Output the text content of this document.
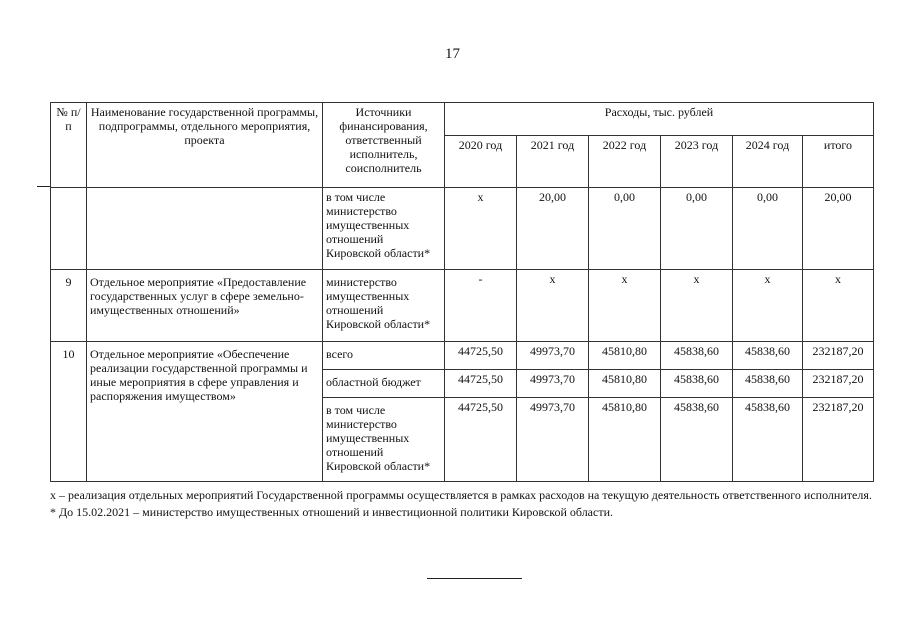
17
№ п/п	Наименование государственной программы, подпрограммы, отдельного мероприятия, проекта	Источники финансирования, ответственный исполнитель, соисполнитель	Расходы, тыс. рублей					
			2020 год	2021 год	2022 год	2023 год	2024 год	итого
		в том числе министерство имущественных отношений Кировской области*	x	20,00	0,00	0,00	0,00	20,00
9	Отдельное мероприятие «Предоставление государственных услуг в сфере земельно-имущественных отношений»	министерство имущественных отношений Кировской области*	-	x	x	x	x	x
10	Отдельное мероприятие «Обеспечение реализации государственной программы и иные мероприятия в сфере управления и распоряжения имуществом»	всего	44725,50	49973,70	45810,80	45838,60	45838,60	232187,20
		областной бюджет	44725,50	49973,70	45810,80	45838,60	45838,60	232187,20
		в том числе министерство имущественных отношений Кировской области*	44725,50	49973,70	45810,80	45838,60	45838,60	232187,20

x – реализация отдельных мероприятий Государственной программы осуществляется в рамках расходов на текущую деятельность ответственного исполнителя.

* До 15.02.2021 – министерство имущественных отношений и инвестиционной политики Кировской области.
